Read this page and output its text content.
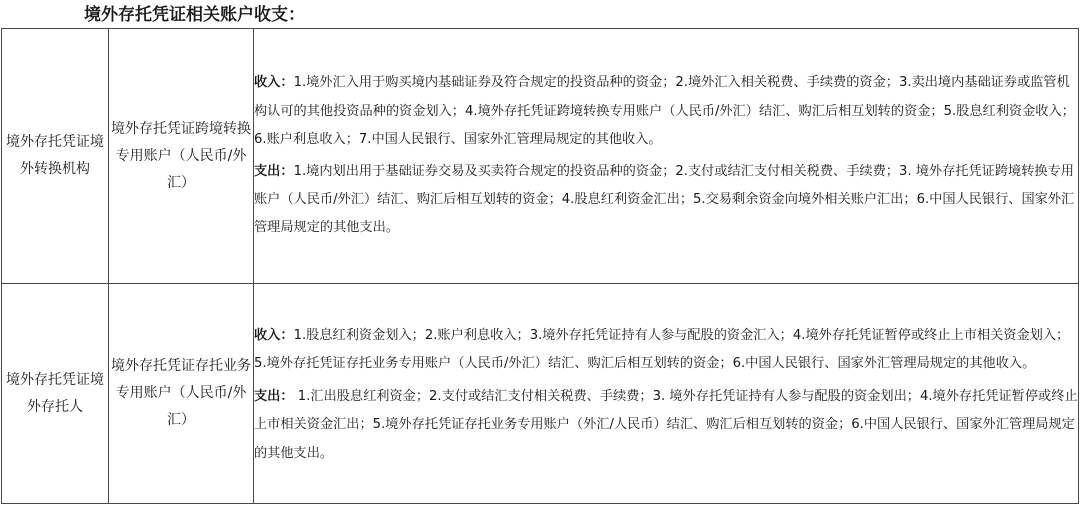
境外存托凭证相关账户收支：
境外存托凭证境外转换机构	境外存托凭证跨境转换专用账户（人民币/外汇）	收入：1.境外汇入用于购买境内基础证券及符合规定的投资品种的资金；2.境外汇入相关税费、手续费的资金；3.卖出境内基础证券或监管机构认可的其他投资品种的资金划入；4.境外存托凭证跨境转换专用账户（人民币/外汇）结汇、购汇后相互划转的资金；5.股息红利资金收入；6.账户利息收入；7.中国人民银行、国家外汇管理局规定的其他收入。
支出：1.境内划出用于基础证券交易及买卖符合规定的投资品种的资金；2.支付或结汇支付相关税费、手续费；3. 境外存托凭证跨境转换专用账户（人民币/外汇）结汇、购汇后相互划转的资金；4.股息红利资金汇出；5.交易剩余资金向境外相关账户汇出；6.中国人民银行、国家外汇管理局规定的其他支出。

境外存托凭证境外存托人	境外存托凭证存托业务专用账户（人民币/外汇）	收入：1.股息红利资金划入；2.账户利息收入；3.境外存托凭证持有人参与配股的资金汇入；4.境外存托凭证暂停或终止上市相关资金划入；5.境外存托凭证存托业务专用账户（人民币/外汇）结汇、购汇后相互划转的资金；6.中国人民银行、国家外汇管理局规定的其他收入。
支出： 1.汇出股息红利资金；2.支付或结汇支付相关税费、手续费；3. 境外存托凭证持有人参与配股的资金划出；4.境外存托凭证暂停或终止上市相关资金汇出；5.境外存托凭证存托业务专用账户（外汇/人民币）结汇、购汇后相互划转的资金；6.中国人民银行、国家外汇管理局规定的其他支出。
